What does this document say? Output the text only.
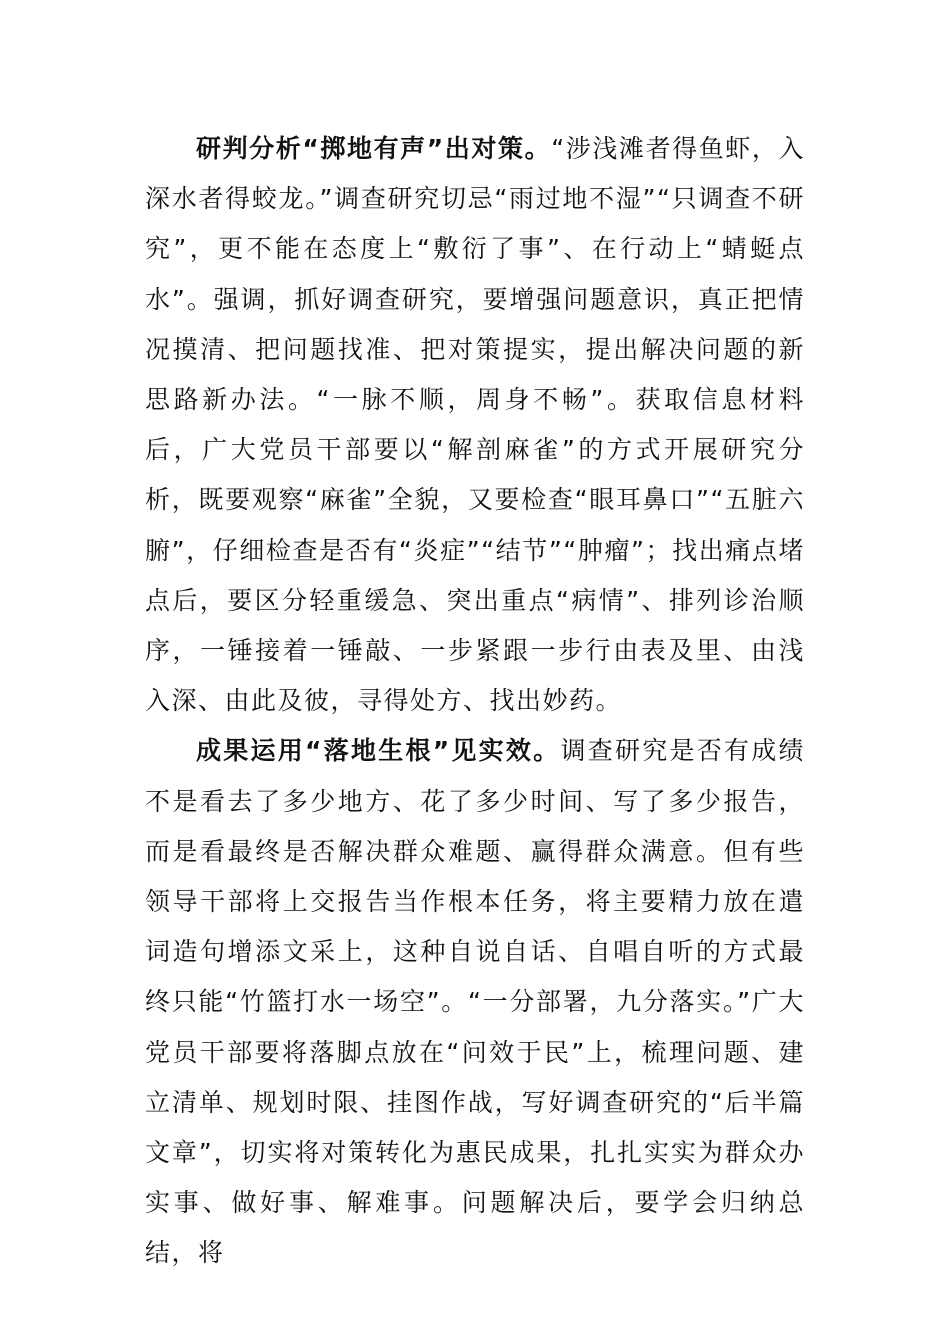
研判分析“掷地有声”出对策。“涉浅滩者得鱼虾，入深水者得蛟龙。”调查研究切忌“雨过地不湿”“只调查不研究”，更不能在态度上“敷衍了事”、在行动上“蜻蜓点水”。强调，抓好调查研究，要增强问题意识，真正把情况摸清、把问题找准、把对策提实，提出解决问题的新思路新办法。“一脉不顺，周身不畅”。获取信息材料后，广大党员干部要以“解剖麻雀”的方式开展研究分析，既要观察“麻雀”全貌，又要检查“眼耳鼻口”“五脏六腑”，仔细检查是否有“炎症”“结节”“肿瘤”；找出痛点堵点后，要区分轻重缓急、突出重点“病情”、排列诊治顺序，一锤接着一锤敲、一步紧跟一步行由表及里、由浅入深、由此及彼，寻得处方、找出妙药。

成果运用“落地生根”见实效。调查研究是否有成绩不是看去了多少地方、花了多少时间、写了多少报告，而是看最终是否解决群众难题、赢得群众满意。但有些领导干部将上交报告当作根本任务，将主要精力放在遣词造句增添文采上，这种自说自话、自唱自听的方式最终只能“竹篮打水一场空”。“一分部署，九分落实。”广大党员干部要将落脚点放在“问效于民”上，梳理问题、建立清单、规划时限、挂图作战，写好调查研究的“后半篇文章”，切实将对策转化为惠民成果，扎扎实实为群众办实事、做好事、解难事。问题解决后，要学会归纳总结，将
